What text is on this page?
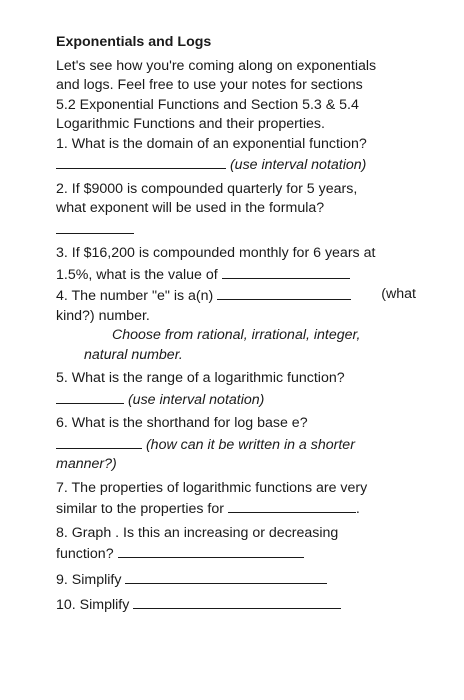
Exponentials and Logs

Let's see how you're coming along on exponentials

and logs. Feel free to use your notes for sections

5.2 Exponential Functions and Section 5.3 & 5.4

Logarithmic Functions and their properties.

1. What is the domain of an exponential function?

(use interval notation)

2. If $9000 is compounded quarterly for 5 years,

what exponent will be used in the formula?

3. If $16,200 is compounded monthly for 6 years at

1.5%, what is the value of

4. The number "e" is a(n)	(what

kind?) number.

Choose from rational, irrational, integer,

natural number.

5. What is the range of a logarithmic function?

(use interval notation)

6. What is the shorthand for log base e?

(how can it be written in a shorter

manner?)

7. The properties of logarithmic functions are very

similar to the properties for	.

8. Graph . Is this an increasing or decreasing

function?

9. Simplify

10. Simplify
